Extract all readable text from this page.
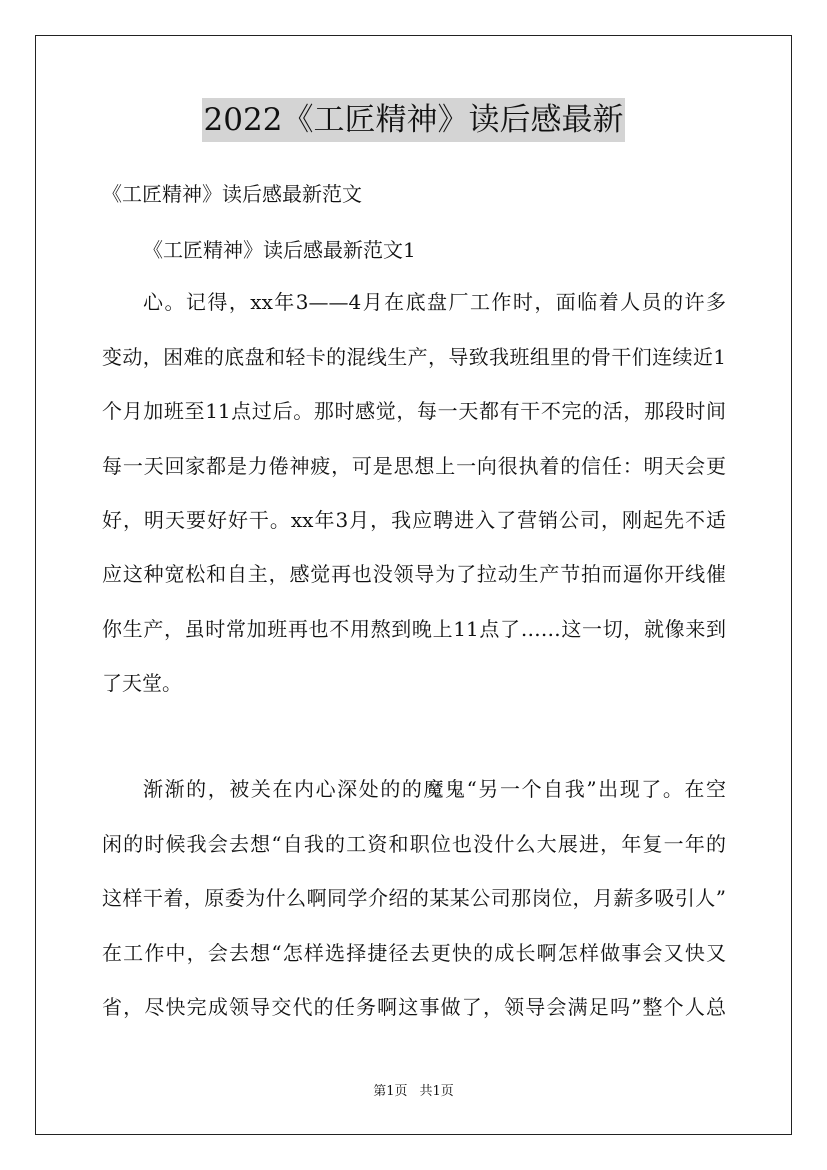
2022《工匠精神》读后感最新
《工匠精神》读后感最新范文
《工匠精神》读后感最新范文1
心。记得，xx年3——4月在底盘厂工作时，面临着人员的许多
变动，困难的底盘和轻卡的混线生产，导致我班组里的骨干们连续近1
个月加班至11点过后。那时感觉，每一天都有干不完的活，那段时间
每一天回家都是力倦神疲，可是思想上一向很执着的信任：明天会更
好，明天要好好干。xx年3月，我应聘进入了营销公司，刚起先不适
应这种宽松和自主，感觉再也没领导为了拉动生产节拍而逼你开线催
你生产，虽时常加班再也不用熬到晚上11点了……这一切，就像来到
了天堂。
渐渐的，被关在内心深处的的魔鬼“另一个自我”出现了。在空
闲的时候我会去想“自我的工资和职位也没什么大展进，年复一年的
这样干着，原委为什么啊同学介绍的某某公司那岗位，月薪多吸引人”
在工作中，会去想“怎样选择捷径去更快的成长啊怎样做事会又快又
省，尽快完成领导交代的任务啊这事做了，领导会满足吗”整个人总
第1页 共1页
